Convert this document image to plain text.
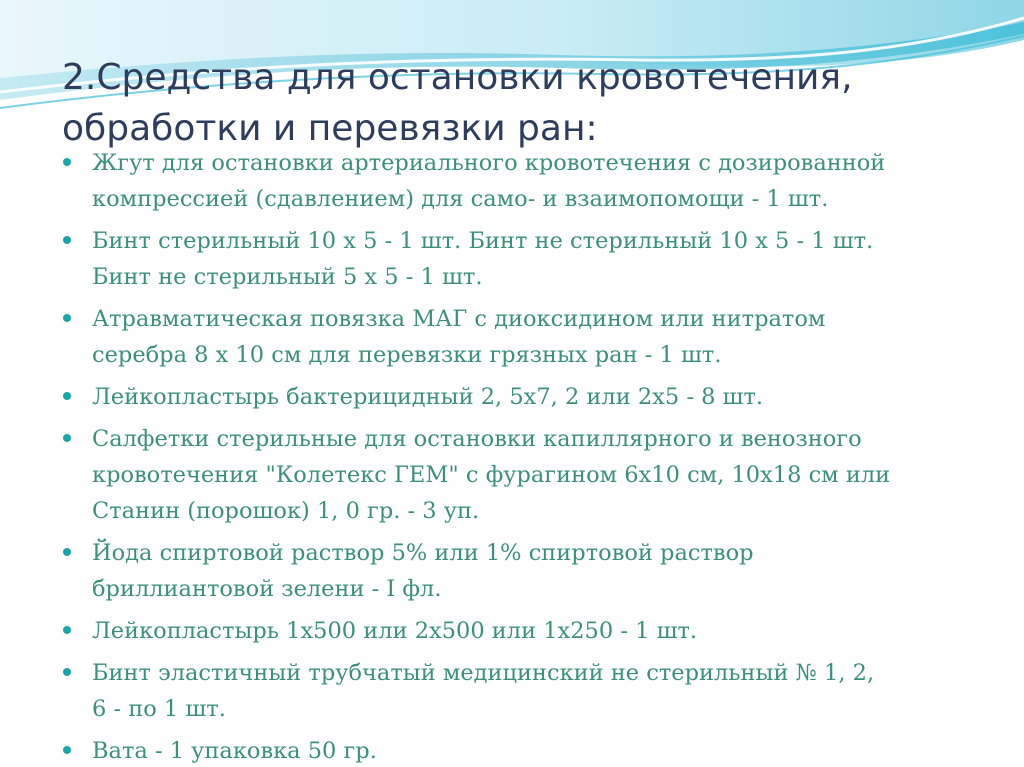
2.Средства для остановки кровотечения,
обработки и перевязки ран:
Жгут для остановки артериального кровотечения с дозированной
компрессией (сдавлением) для само- и взаимопомощи - 1 шт.
Бинт стерильный 10 х 5 - 1 шт. Бинт не стерильный 10 х 5 - 1 шт.
Бинт не стерильный 5 х 5 - 1 шт.
Атравматическая повязка МАГ с диоксидином или нитратом
серебра 8 х 10 см для перевязки грязных ран - 1 шт.
Лейкопластырь бактерицидный 2, 5х7, 2 или 2х5 - 8 шт.
Салфетки стерильные для остановки капиллярного и венозного
кровотечения "Колетекс ГЕМ" с фурагином 6х10 см, 10х18 см или
Станин (порошок) 1, 0 гр. - 3 уп.
Йода спиртовой раствор 5% или 1% спиртовой раствор
бриллиантовой зелени - I фл.
Лейкопластырь 1х500 или 2х500 или 1х250 - 1 шт.
Бинт эластичный трубчатый медицинский не стерильный № 1, 2,
6 - по 1 шт.
Вата - 1 упаковка 50 гр.
